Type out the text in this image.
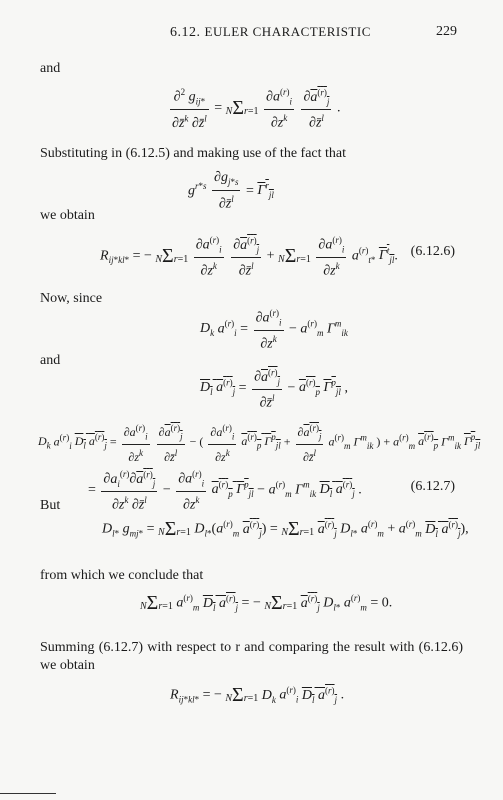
6.12. EULER CHARACTERISTIC	229
and
$\frac{\partial^2 g_{ij*}}{\partial z̄^k \partial z̄^l} = N\Sigma r=1 \frac{\partial a^{(r)}_i}{\partial z^k}$
$\frac{\partial a^{(r)}_j}{\partial z̄^l}$ .
Substituting in (6.12.5) and making use of the fact that
$g^{r*s} \frac{\partial g_{j*s}}{\partial z̄^l} = \Gamma^r_{jl}$
we obtain
$R_{ij*kl*}$ = − $N\Sigma r=1 \frac{\partial a^{(r)}_i}{\partial z^k}$
$\frac{\partial a^{(r)}_j}{\partial z̄^l} + N\Sigma r=1 \frac{\partial a^{(r)}_i}{\partial z^k} a^{(r)}_{t*}$ $\Gamma^t_{jl}$. (6.12.6)
Now, since
$D_k$ $a^{(r)}_i = \frac{\partial a^{(r)}_i}{\partial z^k} - a^{(r)}_m$ $\Gamma^m_{ik}$
and
$D_l$ $a^{(r)}_j = \frac{\partial a^{(r)}_j}{\partial z̄^l} - a^{(r)}_p$ $\Gamma^p_{jl}$ ,
$D_k$ $a^{(r)}_i$ $D_l$ $a^{(r)}_j = \frac{\partial a^{(r)}_i}{\partial z^k}$
$\frac{\partial a^{(r)}_j}{\partial z̄^l}$ − ( $\frac{\partial a^{(r)}_i}{\partial z^k} a^{(r)}_p$ $\Gamma^p_{jl} + \frac{\partial a^{(r)}_j}{\partial z̄^l} a^{(r)}_m$ $\Gamma^m_{ik}$ ) + $a^{(r)}_m$ $a^{(r)}_p$ $\Gamma^m_{ik}$ $\Gamma^p_{jl}$
= $\frac{\partial a_i^{(r)}\partial a^{(r)}_j}{\partial z^k \partial z̄^l} - \frac{\partial a^{(r)}_i}{\partial z^k} a^{(r)}_p$ $\Gamma^p_{jl} - a^{(r)}_m$ $\Gamma^m_{ik}$ $D_l$ $a^{(r)}_j$ .	(6.12.7)
But
$D_{l*}$ $g_{mj*} = N\Sigma r=1$ $D_{l*}(a^{(r)}_m$ $a^{(r)}_j) = N\Sigma r=1$ $a^{(r)}_j$ $D_{l*}$ $a^{(r)}_m + a^{(r)}_m$ $D_l$ $a^{(r)}_j$),
from which we conclude that
NΣr=1 $a^{(r)}_m$ $D_l$ $a^{(r)}_j$ = − NΣr=1 $a^{(r)}_j$ $D_{l*}$ $a^{(r)}_m = 0$.
Summing (6.12.7) with respect to r and comparing the result with (6.12.6) we obtain
$R_{ij*kl*}$ = − NΣr=1 $D_k$ $a^{(r)}_i$ $D_l$ $a^{(r)}_j$ .
